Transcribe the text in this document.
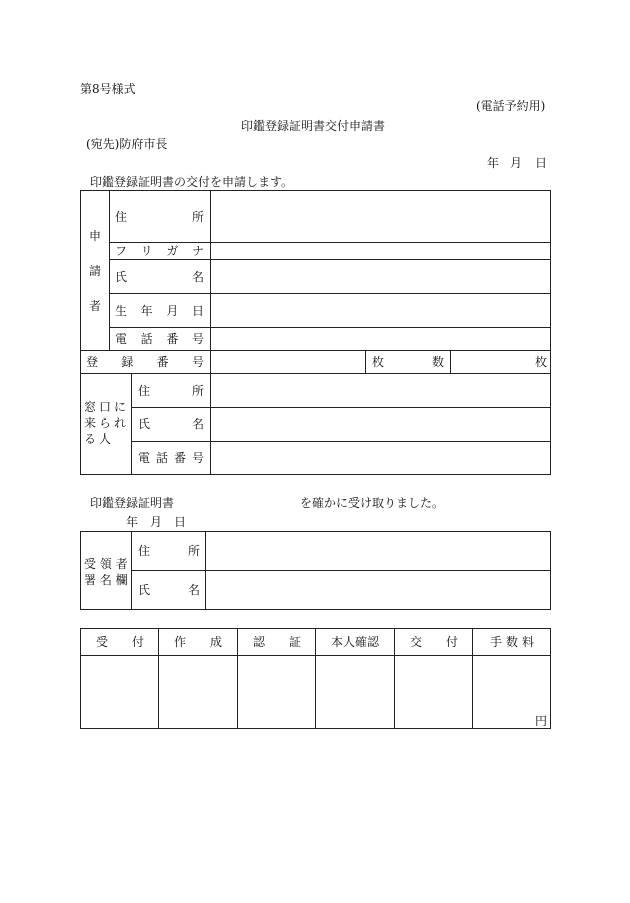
第8号様式
(電話予約用)
印鑑登録証明書交付申請書
(宛先)防府市長
年 月 日
印鑑登録証明書の交付を申請します。
申
請
者
住	所
フ リ ガ ナ
氏	名
生 年 月 日
電 話 番 号
登 録 番 号	枚	数	枚
窓口に
来られ
る人
住	所
氏	名
電 話 番 号
印鑑登録証明書	を確かに受け取りました。
年 月 日
受 領 者
署 名 欄
住	所
氏	名
受 付	作 成	認 証	本人確認	交 付	手 数 料
円
